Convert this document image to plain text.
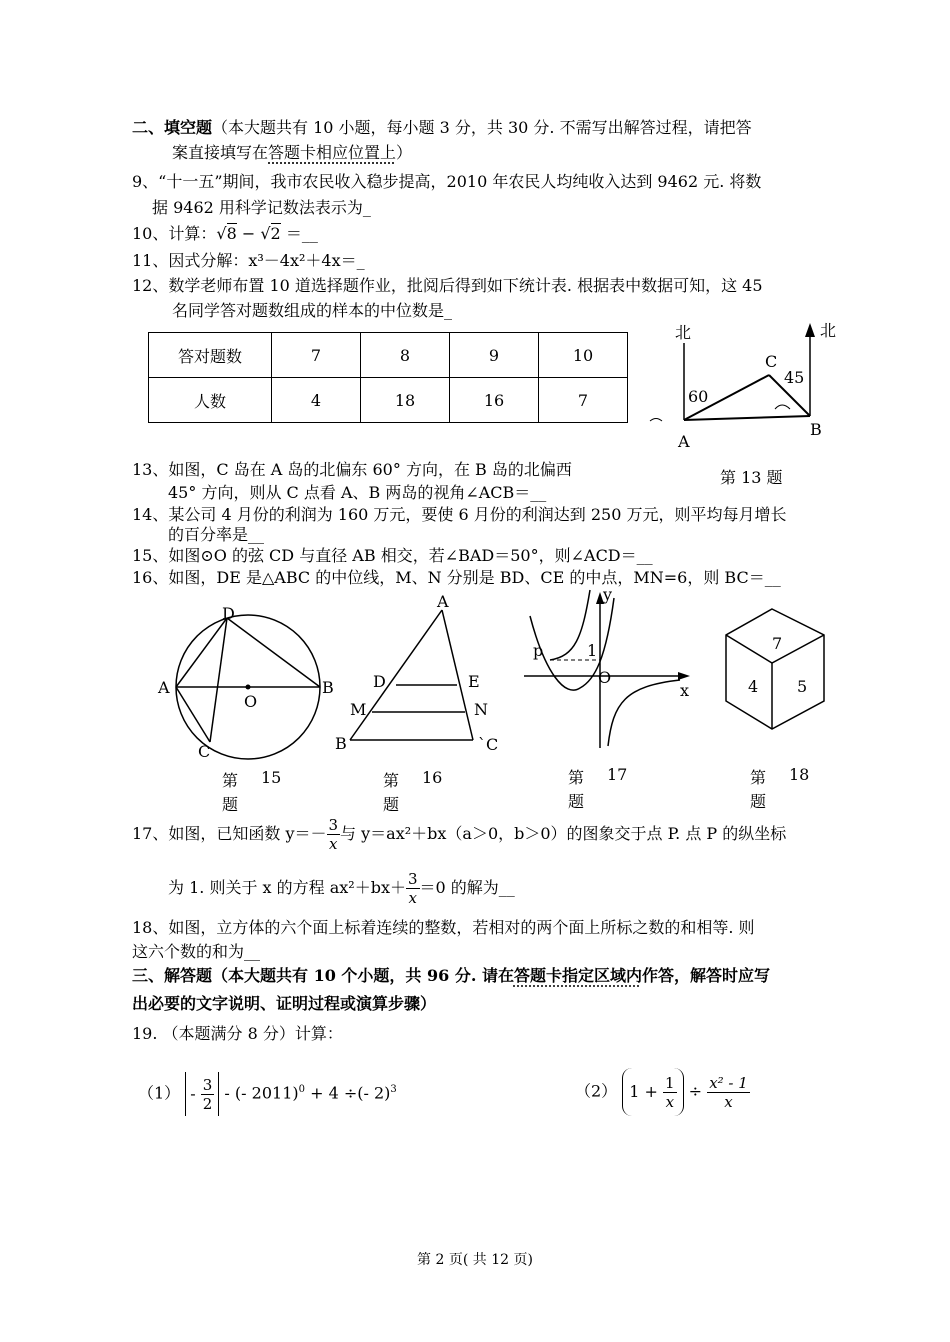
二、填空题（本大题共有 10 小题，每小题 3 分，共 30 分. 不需写出解答过程，请把答
案直接填写在答题卡相应位置上）
9、“十一五”期间，我市农民收入稳步提高，2010 年农民人均纯收入达到 9462 元. 将数
据 9462 用科学记数法表示为_
10、计算：√8 − √2 ＝__
11、因式分解：x³－4x²＋4x＝_
12、数学老师布置 10 道选择题作业，批阅后得到如下统计表. 根据表中数据可知，这 45
名同学答对题数组成的样本的中位数是_
答对题数	7	8	9	10
人数	4	18	16	7
北	北
C
45
60
A
B
第 13 题
13、如图，C 岛在 A 岛的北偏东 60° 方向，在 B 岛的北偏西
45° 方向，则从 C 点看 A、B 两岛的视角∠ACB＝__
14、某公司 4 月份的利润为 160 万元，要使 6 月份的利润达到 250 万元，则平均每月增长
的百分率是__
15、如图⊙O 的弦 CD 与直径 AB 相交，若∠BAD＝50°，则∠ACD＝__
16、如图，DE 是△ABC 的中位线，M、N 分别是 BD、CE 的中点，MN=6，则 BC＝__
D
A
O
B
C
第 15
题
A
D	E
M	N
B	`C
第 16
题
y
p	1
O
x
第 17
题
7
4 5
第 18
题
17、如图，已知函数 $y=- \frac{3}{x}$ 与 y＝ax²＋bx（a＞0，b＞0）的图象交于点 P. 点 P 的纵坐标
为 1. 则关于 x 的方程 $ax^2+bx+ \frac{3}{x} =0$ 的解为__
18、如图，立方体的六个面上标着连续的整数，若相对的两个面上所标之数的和相等. 则
这六个数的和为__
三、解答题（本大题共有 10 个小题，共 96 分. 请在答题卡指定区域内作答，解答时应写
出必要的文字说明、证明过程或演算步骤）
19. （本题满分 8 分）计算：
$(1) - \frac{3}{2}$ - (- 2011)$^0$ + 4 ÷(- 2)$^3$	（2） $1 + \frac{1}{x} \div \frac{\text{x² - 1}}{x}$
第 2 页( 共 12 页)
